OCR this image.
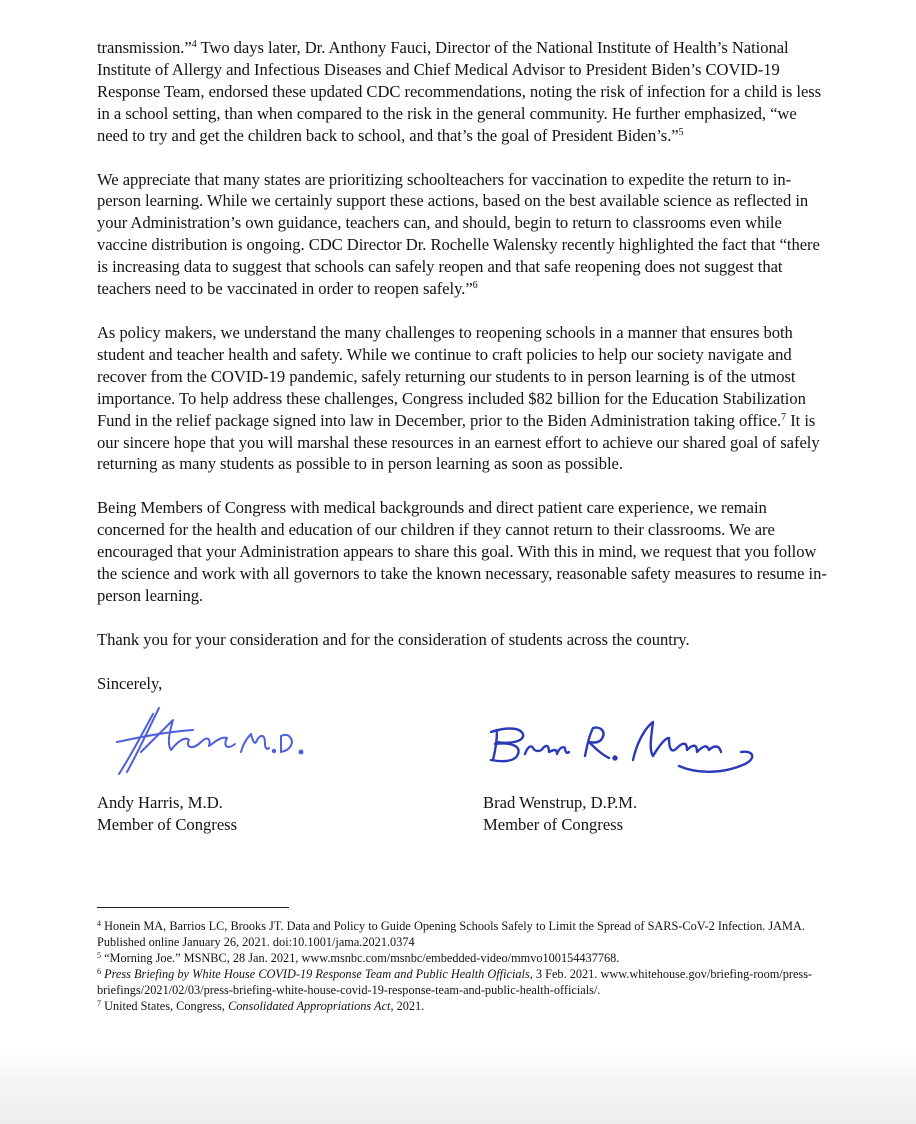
transmission.”$^4$ Two days later, Dr. Anthony Fauci, Director of the National Institute of Health’s National Institute of Allergy and Infectious Diseases and Chief Medical Advisor to President Biden’s COVID-19 Response Team, endorsed these updated CDC recommendations, noting the risk of infection for a child is less in a school setting, than when compared to the risk in the general community. He further emphasized, “we need to try and get the children back to school, and that’s the goal of President Biden’s.”$^5$

We appreciate that many states are prioritizing schoolteachers for vaccination to expedite the return to in-person learning. While we certainly support these actions, based on the best available science as reflected in your Administration’s own guidance, teachers can, and should, begin to return to classrooms even while vaccine distribution is ongoing. CDC Director Dr. Rochelle Walensky recently highlighted the fact that “there is increasing data to suggest that schools can safely reopen and that safe reopening does not suggest that teachers need to be vaccinated in order to reopen safely.”$^6$

As policy makers, we understand the many challenges to reopening schools in a manner that ensures both student and teacher health and safety. While we continue to craft policies to help our society navigate and recover from the COVID-19 pandemic, safely returning our students to in person learning is of the utmost importance. To help address these challenges, Congress included $82 billion for the Education Stabilization Fund in the relief package signed into law in December, prior to the Biden Administration taking office.$^7$ It is our sincere hope that you will marshal these resources in an earnest effort to achieve our shared goal of safely returning as many students as possible to in person learning as soon as possible.

Being Members of Congress with medical backgrounds and direct patient care experience, we remain concerned for the health and education of our children if they cannot return to their classrooms. We are encouraged that your Administration appears to share this goal. With this in mind, we request that you follow the science and work with all governors to take the known necessary, reasonable safety measures to resume in-person learning.

Thank you for your consideration and for the consideration of students across the country.

Sincerely,

Andy Harris, M.D.
Member of Congress
Brad Wenstrup, D.P.M.
Member of Congress

$^4$ Honein MA, Barrios LC, Brooks JT. Data and Policy to Guide Opening Schools Safely to Limit the Spread of SARS-CoV-2 Infection. JAMA. Published online January 26, 2021. doi:10.1001/jama.2021.0374

$^5$ “Morning Joe.” MSNBC, 28 Jan. 2021, www.msnbc.com/msnbc/embedded-video/mmvo100154437768.

$^6$ Press Briefing by White House COVID-19 Response Team and Public Health Officials, 3 Feb. 2021. www.whitehouse.gov/briefing-room/press-briefings/2021/02/03/press-briefing-white-house-covid-19-response-team-and-public-health-officials/.

$^7$ United States, Congress, Consolidated Appropriations Act, 2021.
